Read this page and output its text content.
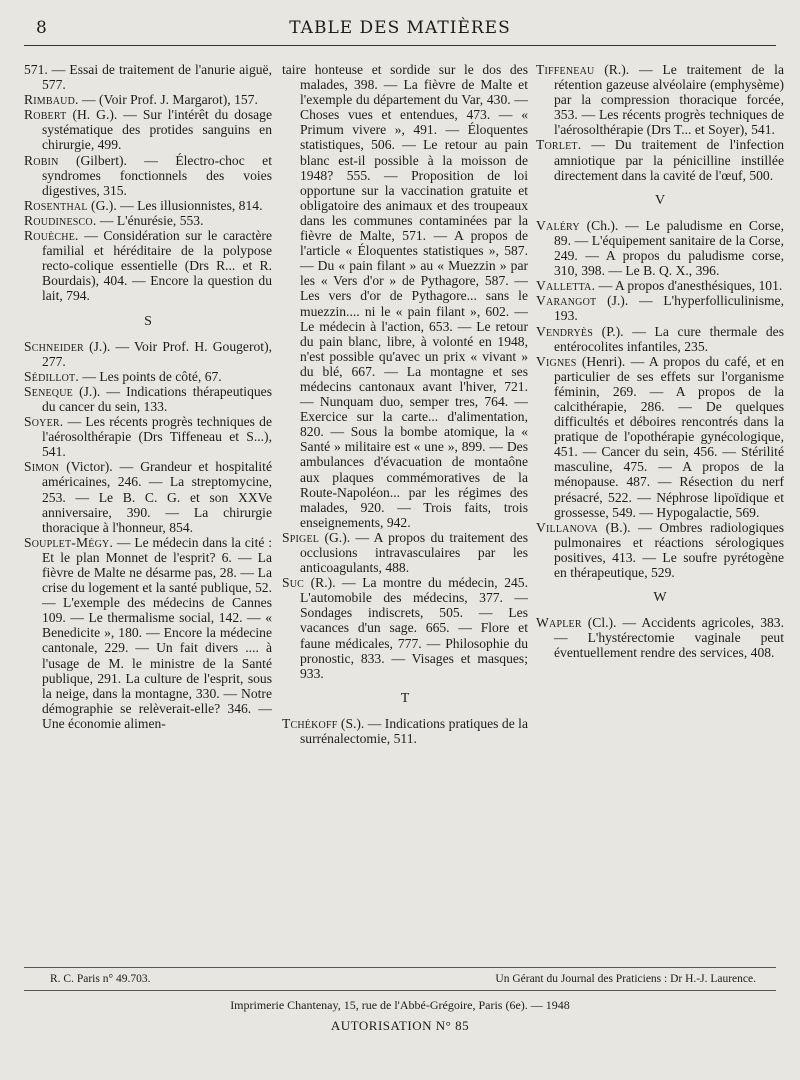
8	TABLE DES MATIÈRES

571. — Essai de traitement de l'anurie aiguë, 577.

Rimbaud. — (Voir Prof. J. Margarot), 157.

Robert (H. G.). — Sur l'intérêt du dosage systématique des protides sanguins en chirurgie, 499.

Robin (Gilbert). — Électro-choc et syndromes fonctionnels des voies digestives, 315.

Rosenthal (G.). — Les illusionnistes, 814.

Roudinesco. — L'énurésie, 553.

Rouèche. — Considération sur le caractère familial et héréditaire de la polypose recto-colique essentielle (Drs R... et R. Bourdais), 404. — Encore la question du lait, 794.

S

Schneider (J.). — Voir Prof. H. Gougerot), 277.

Sédillot. — Les points de côté, 67.

Seneque (J.). — Indications thérapeutiques du cancer du sein, 133.

Soyer. — Les récents progrès techniques de l'aérosolthérapie (Drs Tiffeneau et S...), 541.

Simon (Victor). — Grandeur et hospitalité américaines, 246. — La streptomycine, 253. — Le B. C. G. et son XXVe anniversaire, 390. — La chirurgie thoracique à l'honneur, 854.

Souplet-Mégy. — Le médecin dans la cité : Et le plan Monnet de l'esprit? 6. — La fièvre de Malte ne désarme pas, 28. — La crise du logement et la santé publique, 52. — L'exemple des médecins de Cannes 109. — Le thermalisme social, 142. — « Benedicite », 180. — Encore la médecine cantonale, 229. — Un fait divers .... à l'usage de M. le ministre de la Santé publique, 291. La culture de l'esprit, sous la neige, dans la montagne, 330. — Notre démographie se relèverait-elle? 346. — Une économie alimen-

taire honteuse et sordide sur le dos des malades, 398. — La fièvre de Malte et l'exemple du département du Var, 430. — Choses vues et entendues, 473. — « Primum vivere », 491. — Éloquentes statistiques, 506. — Le retour au pain blanc est-il possible à la moisson de 1948? 555. — Proposition de loi opportune sur la vaccination gratuite et obligatoire des animaux et des troupeaux dans les communes contaminées par la fièvre de Malte, 571. — A propos de l'article « Éloquentes statistiques », 587. — Du « pain filant » au « Muezzin » par les « Vers d'or » de Pythagore, 587. — Les vers d'or de Pythagore... sans le muezzin.... ni le « pain filant », 602. — Le médecin à l'action, 653. — Le retour du pain blanc, libre, à volonté en 1948, n'est possible qu'avec un prix « vivant » du blé, 667. — La montagne et ses médecins cantonaux avant l'hiver, 721. — Nunquam duo, semper tres, 764. — Exercice sur la carte... d'alimentation, 820. — Sous la bombe atomique, la « Santé » militaire est « une », 899. — Des ambulances d'évacuation de montaône aux plaques commémoratives de la Route-Napoléon... par les régimes des malades, 920. — Trois faits, trois enseignements, 942.

Spigel (G.). — A propos du traitement des occlusions intravasculaires par les anticoagulants, 488.

Suc (R.). — La montre du médecin, 245. L'automobile des médecins, 377. — Sondages indiscrets, 505. — Les vacances d'un sage. 665. — Flore et faune médicales, 777. — Philosophie du pronostic, 833. — Visages et masques; 933.

T

Tchékoff (S.). — Indications pratiques de la surrénalectomie, 511.

Tiffeneau (R.). — Le traitement de la rétention gazeuse alvéolaire (emphysème) par la compression thoracique forcée, 353. — Les récents progrès techniques de l'aérosolthérapie (Drs T... et Soyer), 541.

Torlet. — Du traitement de l'infection amniotique par la pénicilline instillée directement dans la cavité de l'œuf, 500.

V

Valéry (Ch.). — Le paludisme en Corse, 89. — L'équipement sanitaire de la Corse, 249. — A propos du paludisme corse, 310, 398. — Le B. Q. X., 396.

Valletta. — A propos d'anesthésiques, 101.

Varangot (J.). — L'hyperfolliculinisme, 193.

Vendryès (P.). — La cure thermale des entérocolites infantiles, 235.

Vignes (Henri). — A propos du café, et en particulier de ses effets sur l'organisme féminin, 269. — A propos de la calcithérapie, 286. — De quelques difficultés et déboires rencontrés dans la pratique de l'opothérapie gynécologique, 451. — Cancer du sein, 456. — Stérilité masculine, 475. — A propos de la ménopause. 487. — Résection du nerf présacré, 522. — Néphrose lipoïdique et grossesse, 549. — Hypogalactie, 569.

Villanova (B.). — Ombres radiologiques pulmonaires et réactions sérologiques positives, 413. — Le soufre pyrétogène en thérapeutique, 529.

W

Wapler (Cl.). — Accidents agricoles, 383. — L'hystérectomie vaginale peut éventuellement rendre des services, 408.

R. C. Paris n° 49.703.	Un Gérant du Journal des Praticiens : Dr H.-J. Laurence.
Imprimerie Chantenay, 15, rue de l'Abbé-Grégoire, Paris (6e). — 1948
AUTORISATION N° 85
